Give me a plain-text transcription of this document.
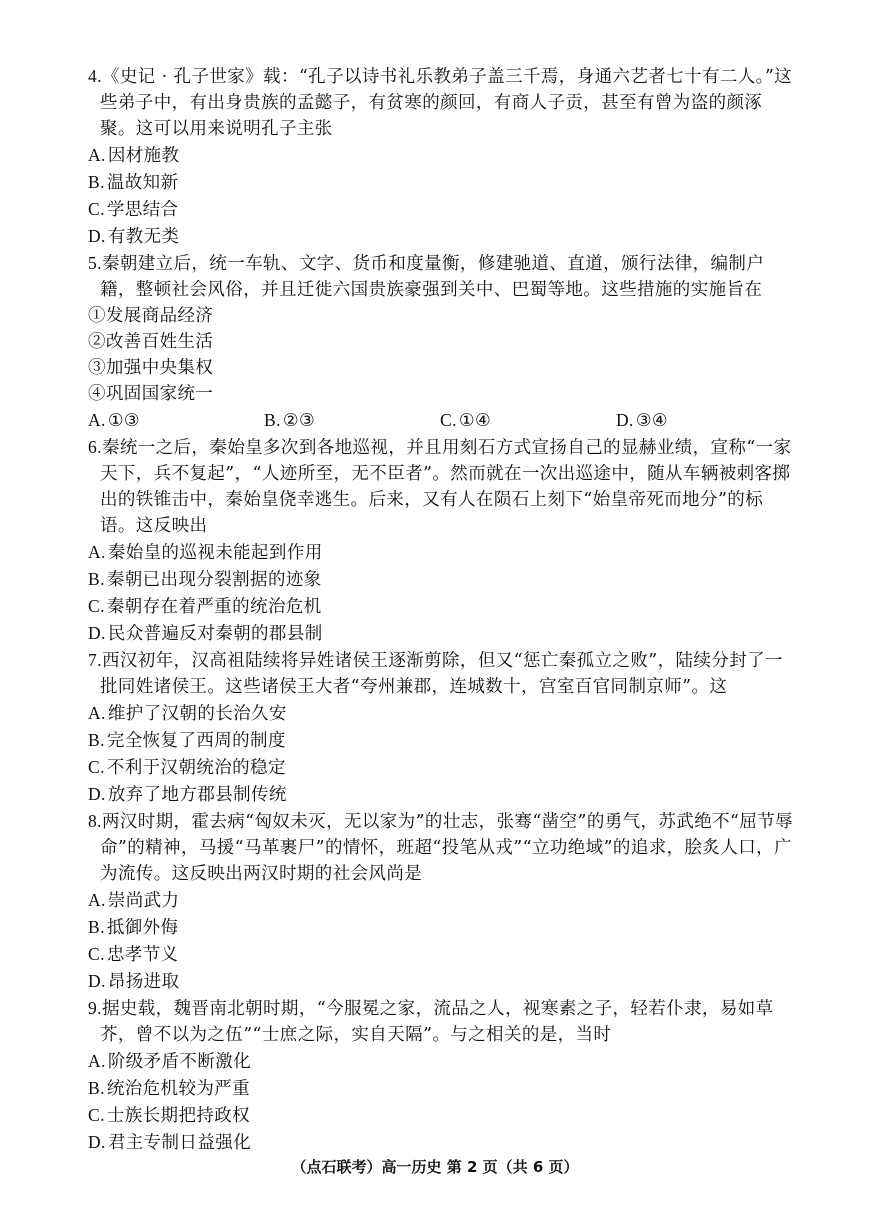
4.《史记 · 孔子世家》载：“孔子以诗书礼乐教弟子盖三千焉，身通六艺者七十有二人。”这些弟子中，有出身贵族的孟懿子，有贫寒的颜回，有商人子贡，甚至有曾为盗的颜涿聚。这可以用来说明孔子主张
A. 因材施教
B. 温故知新
C. 学思结合
D. 有教无类
5.秦朝建立后，统一车轨、文字、货币和度量衡，修建驰道、直道，颁行法律，编制户籍，整顿社会风俗，并且迁徙六国贵族豪强到关中、巴蜀等地。这些措施的实施旨在
①发展商品经济
②改善百姓生活
③加强中央集权
④巩固国家统一
A. ①③	B. ②③	C. ①④	D. ③④
6.秦统一之后，秦始皇多次到各地巡视，并且用刻石方式宣扬自己的显赫业绩，宣称“一家天下，兵不复起”，“人迹所至，无不臣者”。然而就在一次出巡途中，随从车辆被刺客掷出的铁锥击中，秦始皇侥幸逃生。后来，又有人在陨石上刻下“始皇帝死而地分”的标语。这反映出
A. 秦始皇的巡视未能起到作用
B. 秦朝已出现分裂割据的迹象
C. 秦朝存在着严重的统治危机
D. 民众普遍反对秦朝的郡县制
7.西汉初年，汉高祖陆续将异姓诸侯王逐渐剪除，但又“惩亡秦孤立之败”，陆续分封了一批同姓诸侯王。这些诸侯王大者“夸州兼郡，连城数十，宫室百官同制京师”。这
A. 维护了汉朝的长治久安
B. 完全恢复了西周的制度
C. 不利于汉朝统治的稳定
D. 放弃了地方郡县制传统
8.两汉时期，霍去病“匈奴未灭，无以家为”的壮志，张骞“凿空”的勇气，苏武绝不“屈节辱命”的精神，马援“马革裹尸”的情怀，班超“投笔从戎”“立功绝域”的追求，脍炙人口，广为流传。这反映出两汉时期的社会风尚是
A. 崇尚武力
B. 抵御外侮
C. 忠孝节义
D. 昂扬进取
9.据史载，魏晋南北朝时期，“今服冕之家，流品之人，视寒素之子，轻若仆隶，易如草芥，曾不以为之伍”“士庶之际，实自天隔”。与之相关的是，当时
A. 阶级矛盾不断激化
B. 统治危机较为严重
C. 士族长期把持政权
D. 君主专制日益强化
（点石联考）高一历史 第 2 页（共 6 页）
